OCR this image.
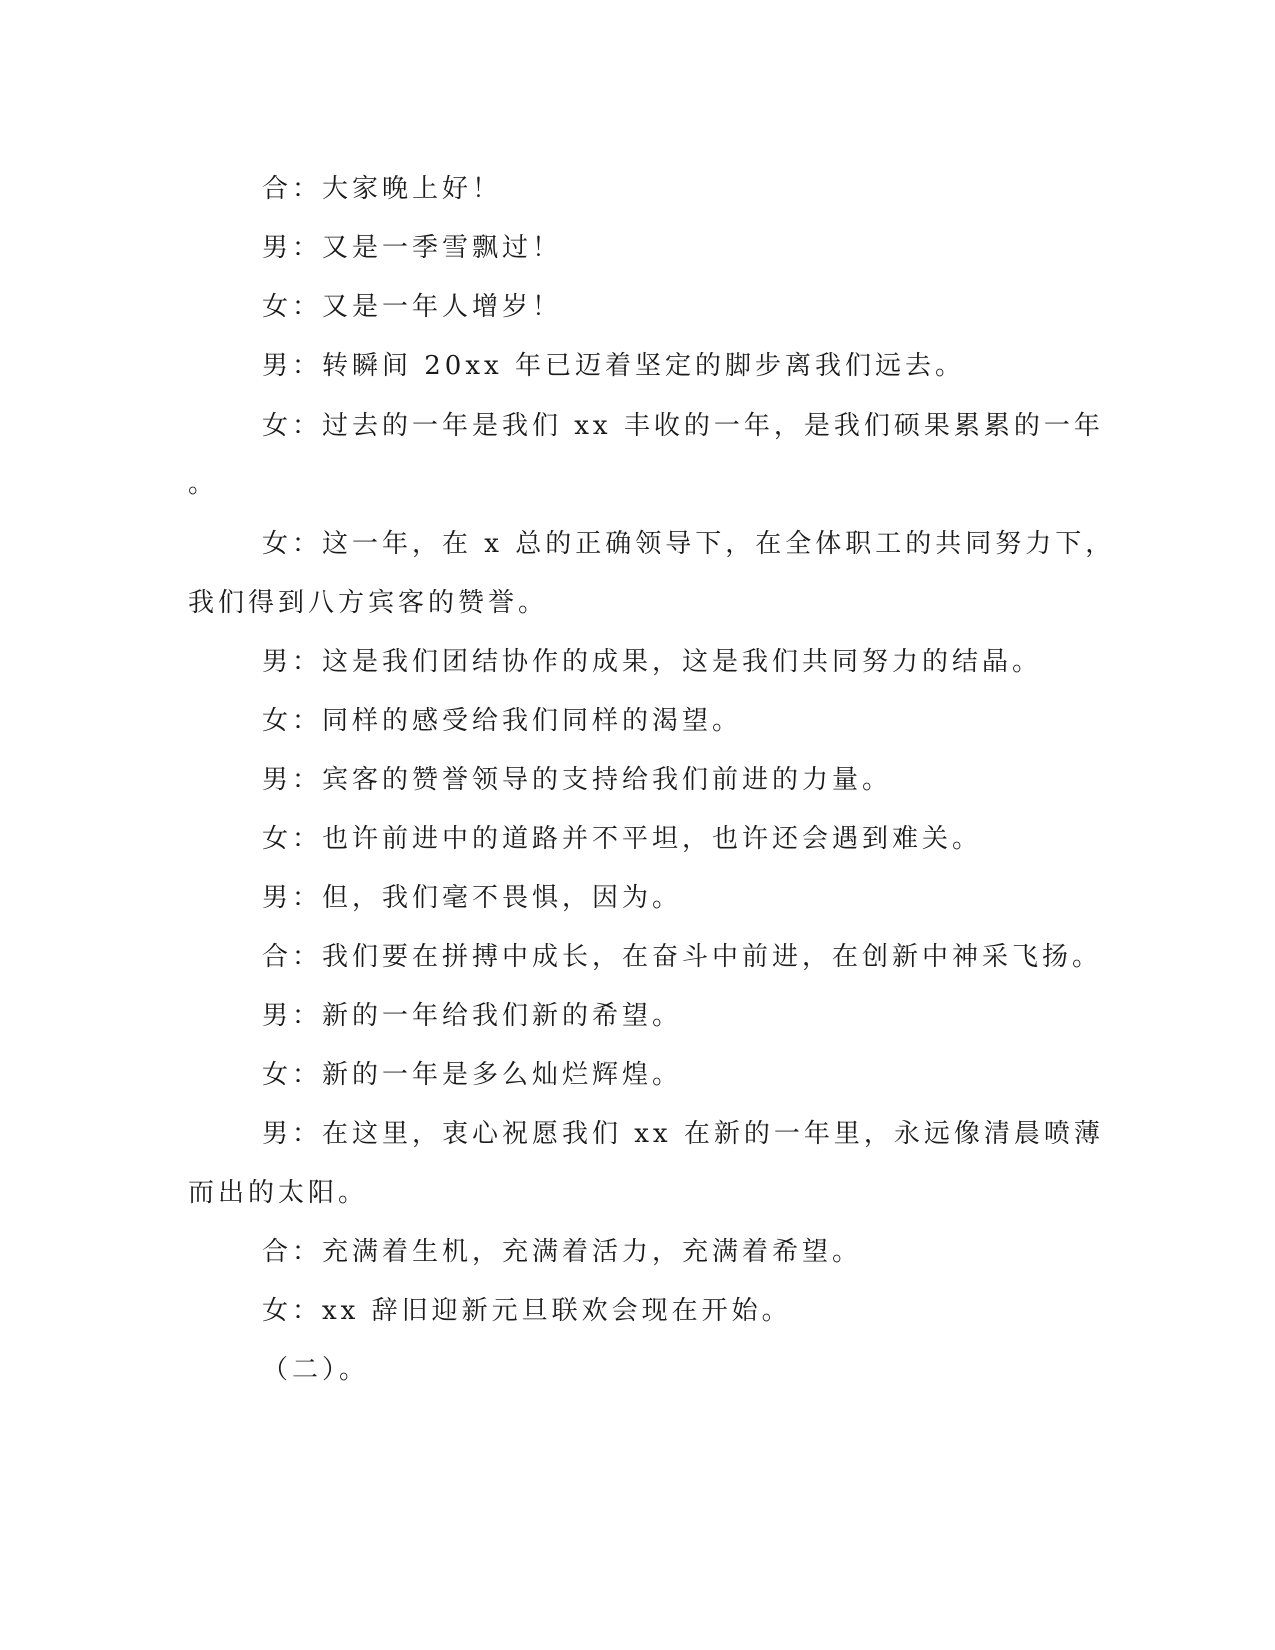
合：大家晚上好！

男：又是一季雪飘过！

女：又是一年人增岁！

男：转瞬间 20xx 年已迈着坚定的脚步离我们远去。

女：过去的一年是我们 xx 丰收的一年，是我们硕果累累的一年

。

女：这一年，在 x 总的正确领导下，在全体职工的共同努力下，

我们得到八方宾客的赞誉。

男：这是我们团结协作的成果，这是我们共同努力的结晶。

女：同样的感受给我们同样的渴望。

男：宾客的赞誉领导的支持给我们前进的力量。

女：也许前进中的道路并不平坦，也许还会遇到难关。

男：但，我们毫不畏惧，因为。

合：我们要在拼搏中成长，在奋斗中前进，在创新中神采飞扬。

男：新的一年给我们新的希望。

女：新的一年是多么灿烂辉煌。

男：在这里，衷心祝愿我们 xx 在新的一年里，永远像清晨喷薄

而出的太阳。

合：充满着生机，充满着活力，充满着希望。

女：xx 辞旧迎新元旦联欢会现在开始。

（二）。
